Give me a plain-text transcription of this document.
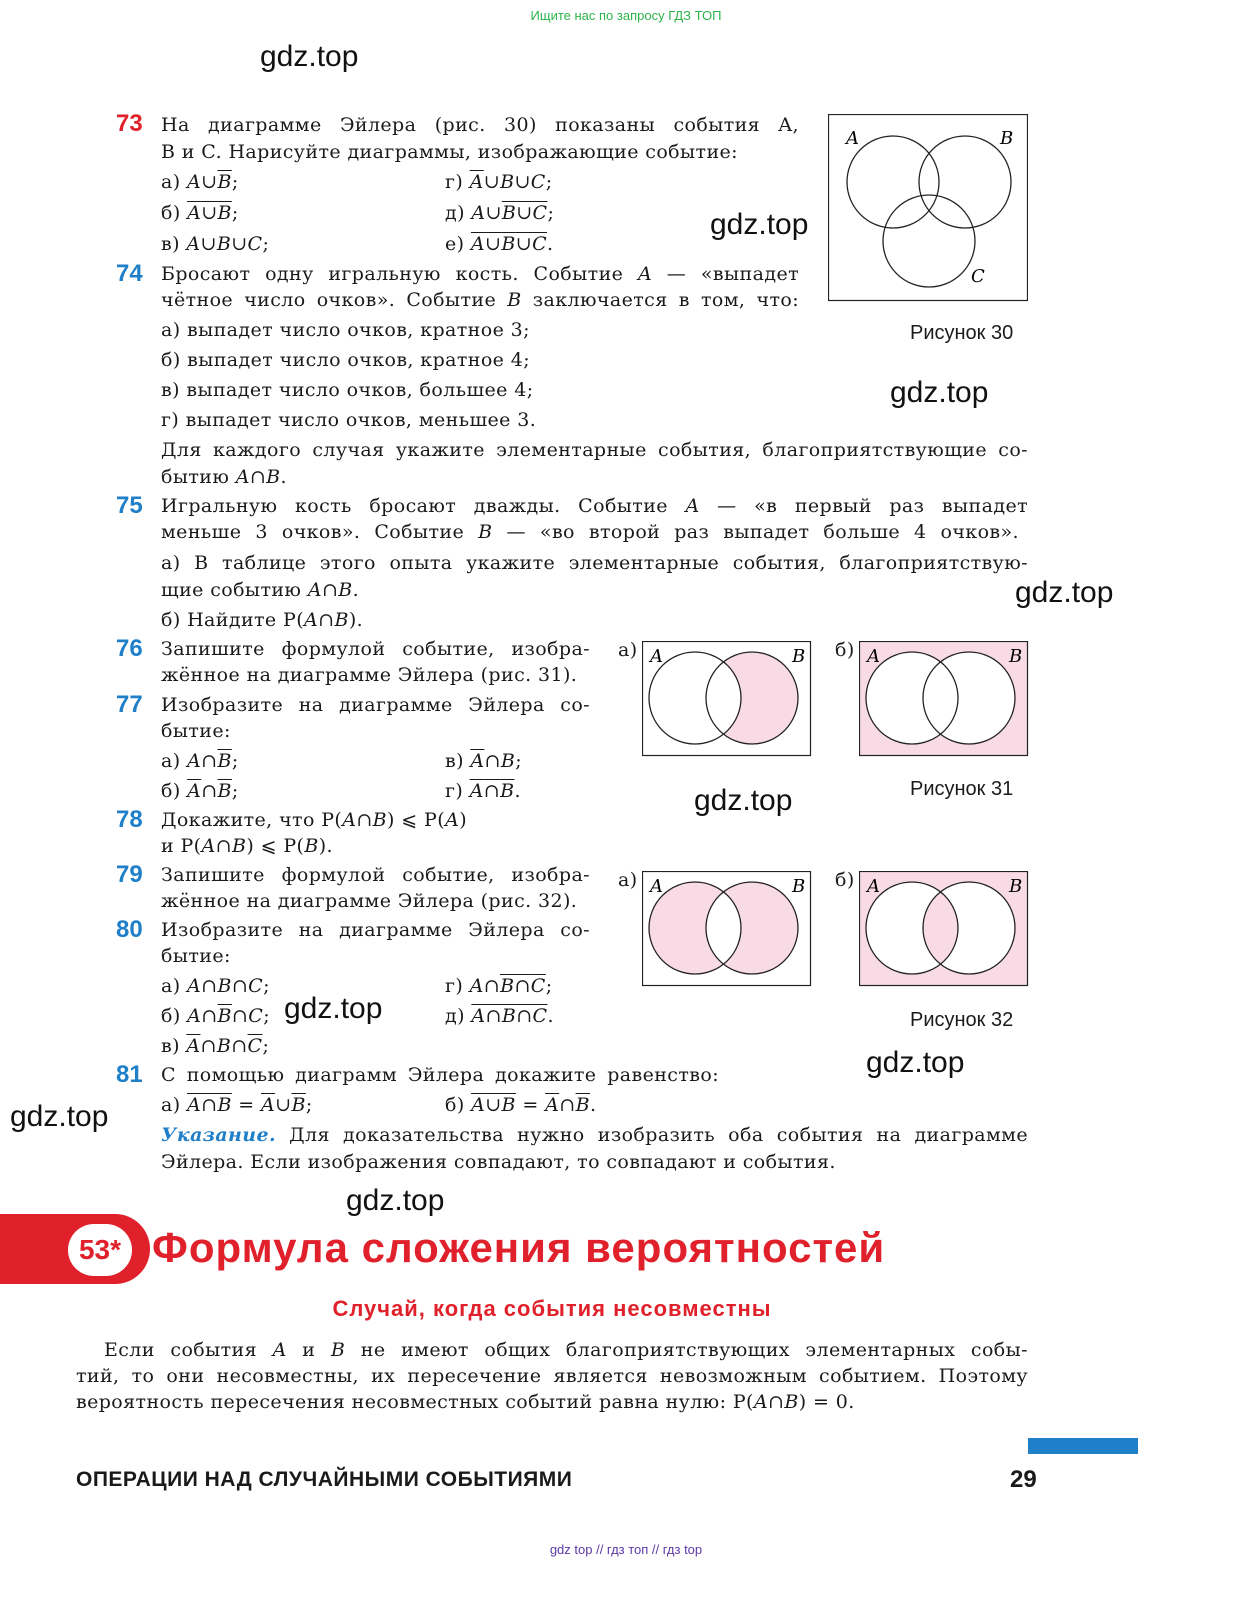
Ищите нас по запросу ГДЗ ТОП
gdz.top
gdz.top
gdz.top
gdz.top
gdz.top
gdz.top
gdz.top
gdz.top
gdz.top
73 На диаграмме Эйлера (рис. 30) показаны события A,
B и C. Нарисуйте диаграммы, изображающие событие:
а) $A\cup\overline{B}$;
б) A∪B;
в) A∪B∪C;
г) $\overline{A}\cup B\cup C$;
д) A∪B∪C;
е) A∪B∪C.
A	B
C
Рисунок 30
74 Бросают одну игральную кость. Событие A — «выпадет
чётное число очков». Событие B заключается в том, что:
а) выпадет число очков, кратное 3;
б) выпадет число очков, кратное 4;
в) выпадет число очков, большее 4;
г) выпадет число очков, меньшее 3.
Для каждого случая укажите элементарные события, благоприятствующие со-
бытию A∩B.
75 Игральную кость бросают дважды. Событие A — «в первый раз выпадет
меньше 3 очков». Событие B — «во второй раз выпадет больше 4 очков».
а) В таблице этого опыта укажите элементарные события, благоприятствую-
щие событию A∩B.
б) Найдите P(A∩B).
76 Запишите формулой событие, изобра-
жённое на диаграмме Эйлера (рис. 31).
а) A	B б) A	B
Рисунок 31
77 Изобразите на диаграмме Эйлера со-
бытие:
а) $A\cap\overline{B}$;
б) $\overline{A}\cap\overline{B}$;
в) $\overline{A}\cap B$;
г) A∩B.
78 Докажите, что P(A∩B) ⩽ P(A)
и P(A∩B) ⩽ P(B).
79 Запишите формулой событие, изобра-
жённое на диаграмме Эйлера (рис. 32).
а) A	B б) A	B
Рисунок 32
80 Изобразите на диаграмме Эйлера со-
бытие:
а) A∩B∩C;
б) $A\cap\overline{B}\cap C$;
в) $\overline{A}\cap B\cap\overline{C}$;
г) A∩B∩C;
д) A∩B∩C.
81 С помощью диаграмм Эйлера докажите равенство:
а) A∩B = $\overline{A}\cup\overline{B}$;	б) A∪B = $\overline{A}\cap\overline{B}$.
Указание. Для доказательства нужно изобразить оба события на диаграмме
Эйлера. Если изображения совпадают, то совпадают и события.
53* Формула сложения вероятностей
Случай, когда события несовместны
Если события A и B не имеют общих благоприятствующих элементарных собы-
тий, то они несовместны, их пересечение является невозможным событием. Поэтому
вероятность пересечения несовместных событий равна нулю: P(A∩B) = 0.
ОПЕРАЦИИ НАД СЛУЧАЙНЫМИ СОБЫТИЯМИ	29
gdz top // гдз топ // гдз top
